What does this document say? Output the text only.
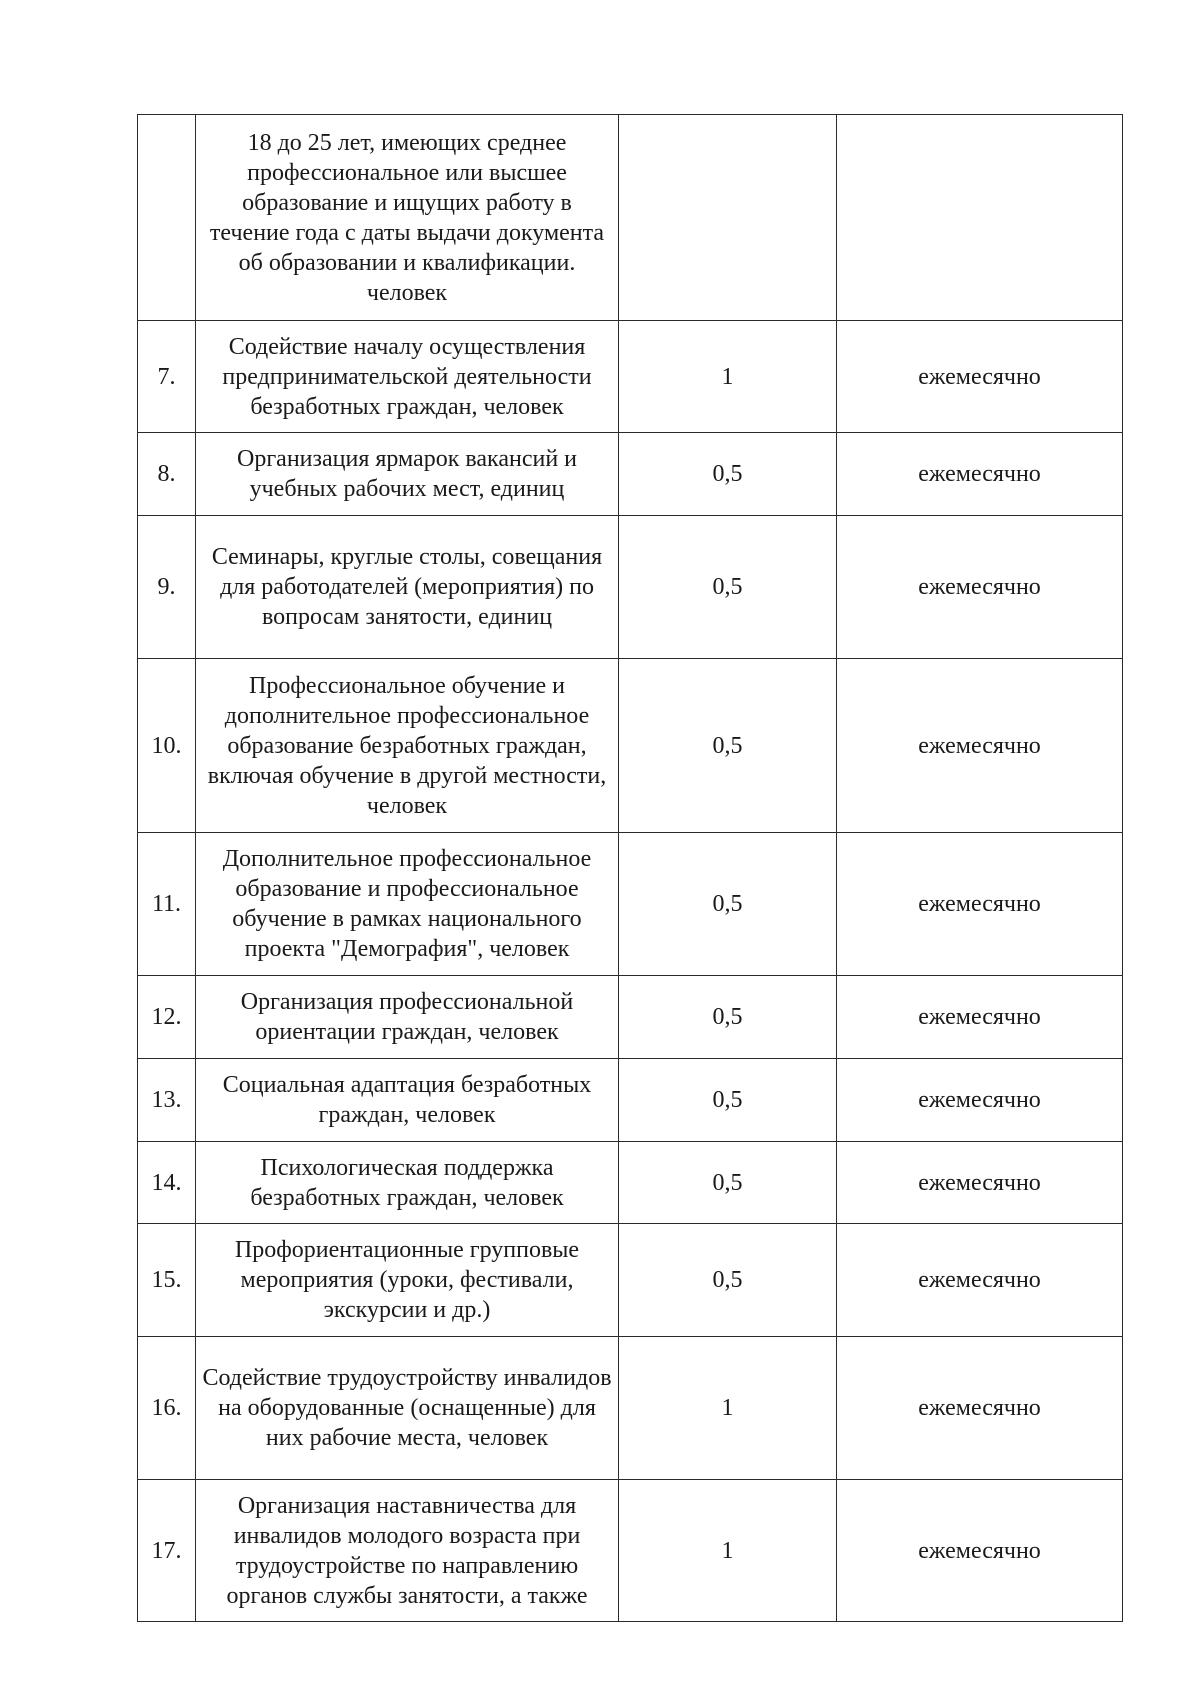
	18 до 25 лет, имеющих среднее профессиональное или высшее образование и ищущих работу в течение года с даты выдачи документа об образовании и квалификации. человек		
7.	Содействие началу осуществления предпринимательской деятельности безработных граждан, человек	1	ежемесячно
8.	Организация ярмарок вакансий и учебных рабочих мест, единиц	0,5	ежемесячно
9.	Семинары, круглые столы, совещания для работодателей (мероприятия) по вопросам занятости, единиц	0,5	ежемесячно
10.	Профессиональное обучение и дополнительное профессиональное образование безработных граждан, включая обучение в другой местности, человек	0,5	ежемесячно
11.	Дополнительное профессиональное образование и профессиональное обучение в рамках национального проекта "Демография", человек	0,5	ежемесячно
12.	Организация профессиональной ориентации граждан, человек	0,5	ежемесячно
13.	Социальная адаптация безработных граждан, человек	0,5	ежемесячно
14.	Психологическая поддержка безработных граждан, человек	0,5	ежемесячно
15.	Профориентационные групповые мероприятия (уроки, фестивали, экскурсии и др.)	0,5	ежемесячно
16.	Содействие трудоустройству инвалидов на оборудованные (оснащенные) для них рабочие места, человек	1	ежемесячно
17.	Организация наставничества для инвалидов молодого возраста при трудоустройстве по направлению органов службы занятости, а также	1	ежемесячно
